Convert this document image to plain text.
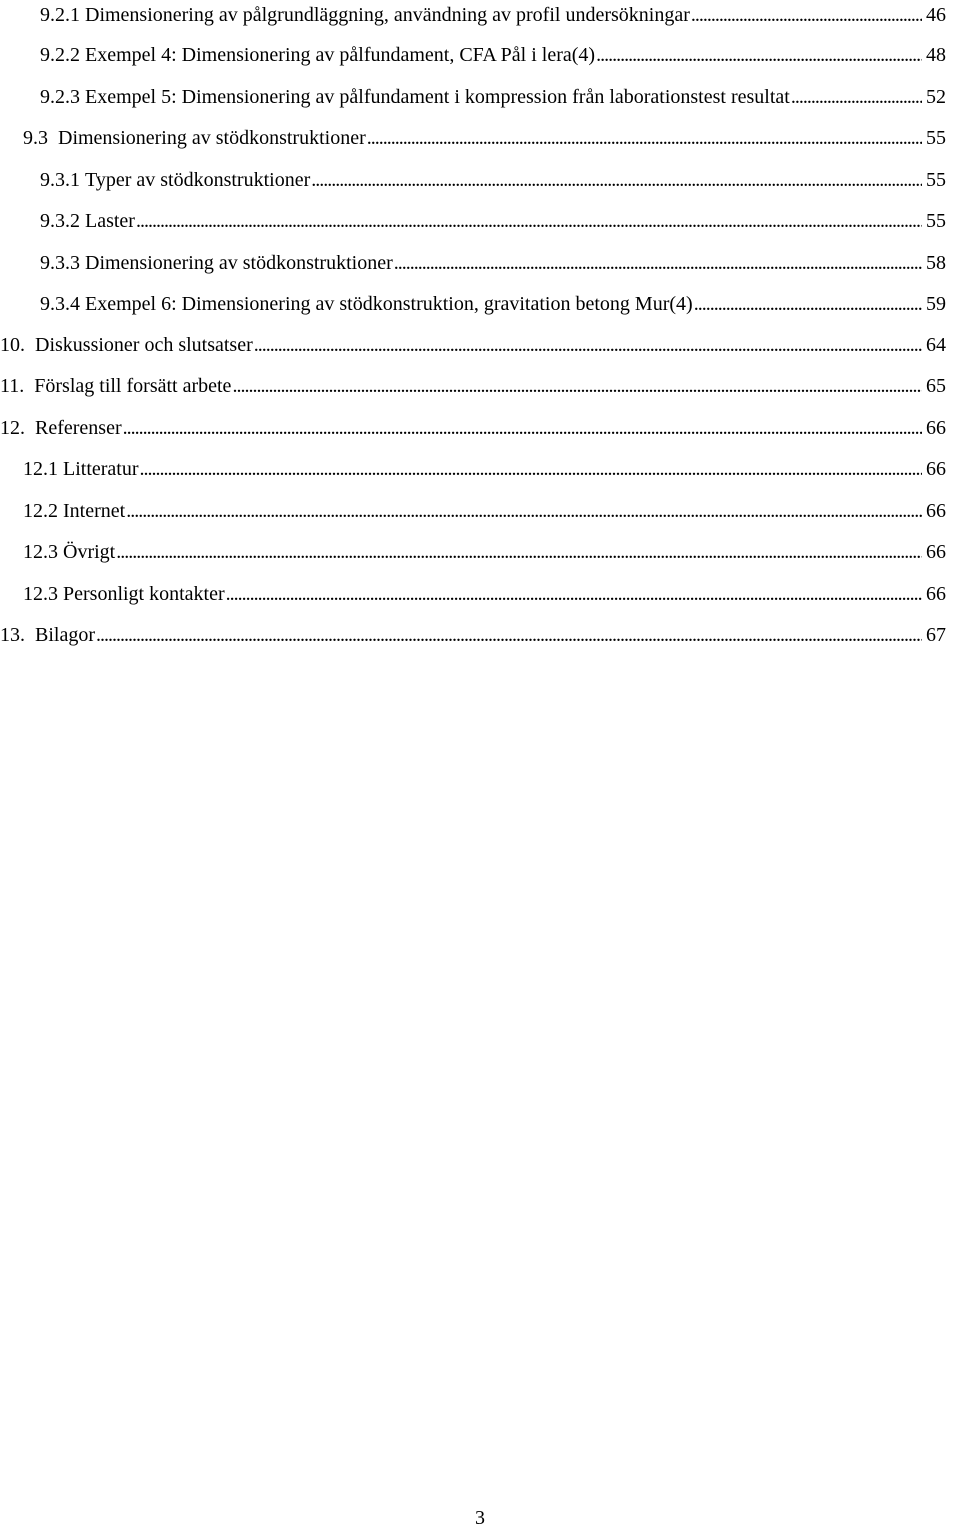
9.2.1
Dimensionering av pålgrundläggning, användning av profil undersökningar . . .	46
9.2.2
Exempel 4: Dimensionering av pålfundament, CFA Pål i lera(4) . . .	48
9.2.3
Exempel 5: Dimensionering av pålfundament i kompression från laborationstest resultat . . .	52
9.3
Dimensionering av stödkonstruktioner . . .	55
9.3.1
Typer av stödkonstruktioner . . .	55
9.3.2
Laster . . .	55
9.3.3
Dimensionering av stödkonstruktioner . . .	58
9.3.4
Exempel 6: Dimensionering av stödkonstruktion, gravitation betong Mur(4) . . .	59
10.
Diskussioner och slutsatser . . .	64
11.
Förslag till forsätt arbete . . .	65
12.
Referenser . . .	66
12.1
Litteratur . . .	66
12.2
Internet . . .	66
12.3
Övrigt . . .	66
12.3
Personligt kontakter . . .	66
13.
Bilagor . . .	67
3
